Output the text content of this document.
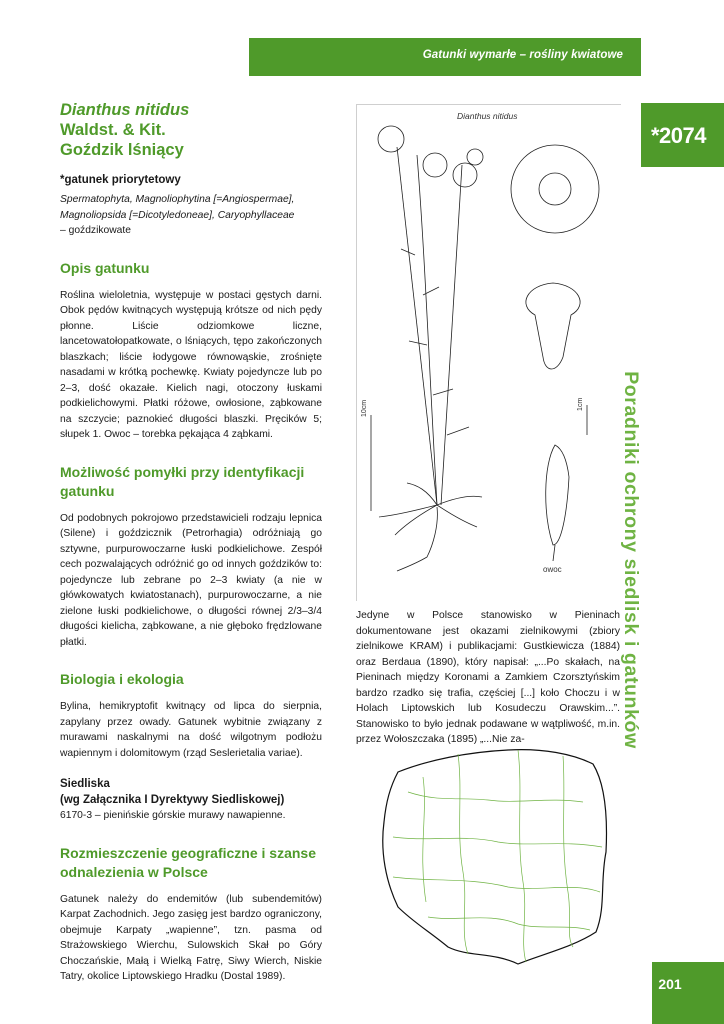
Gatunki wymarłe – rośliny kwiatowe
*2074
Poradniki ochrony siedlisk i gatunków
201
Dianthus nitidus
Waldst. & Kit.
Goździk lśniący
*gatunek priorytetowy
Spermatophyta, Magnoliophytina [=Angiospermae],
Magnoliopsida [=Dicotyledoneae], Caryophyllaceae
– goździkowate
Opis gatunku

Roślina wieloletnia, występuje w postaci gęstych darni. Obok pędów kwitnących występują krótsze od nich pędy płonne. Liście odziomkowe liczne, lancetowatołopatkowate, o lśniących, tępo zakończonych blaszkach; liście łodygowe równowąskie, zrośnięte nasadami w krótką pochewkę. Kwiaty pojedyncze lub po 2–3, dość okazałe. Kielich nagi, otoczony łuskami podkielichowymi. Płatki różowe, owłosione, ząbkowane na szczycie; paznokieć długości blaszki. Pręcików 5; słupek 1. Owoc – torebka pękająca 4 ząbkami.

Możliwość pomyłki przy identyfikacji gatunku

Od podobnych pokrojowo przedstawicieli rodzaju lepnica (Silene) i goździcznik (Petrorhagia) odróżniają go sztywne, purpurowoczarne łuski podkielichowe. Zespół cech pozwalających odróżnić go od innych goździków to: pojedyncze lub zebrane po 2–3 kwiaty (a nie w główkowatych kwiatostanach), purpurowoczarne, a nie zielone łuski podkielichowe, o długości równej 2/3–3/4 długości kielicha, ząbkowane, a nie głęboko frędzlowane płatki.

Biologia i ekologia

Bylina, hemikryptofit kwitnący od lipca do sierpnia, zapylany przez owady. Gatunek wybitnie związany z murawami naskalnymi na dość wilgotnym podłożu wapiennym i dolomitowym (rząd Seslerietalia variae).

Siedliska
(wg Załącznika I Dyrektywy Siedliskowej)

6170-3 – pienińskie górskie murawy nawapienne.

Rozmieszczenie geograficzne i szanse odnalezienia w Polsce

Gatunek należy do endemitów (lub subendemitów) Karpat Zachodnich. Jego zasięg jest bardzo ograniczony, obejmuje Karpaty „wapienne”, tzn. pasma od Strażowskiego Wierchu, Sulowskich Skał po Góry Choczańskie, Małą i Wielką Fatrę, Siwy Wierch, Niskie Tatry, okolice Liptowskiego Hradku (Dostal 1989).

Dianthus nitidus
10cm	1cm
owoc

Jedyne w Polsce stanowisko w Pieninach dokumentowane jest okazami zielnikowymi (zbiory zielnikowe KRAM) i publikacjami: Gustkiewicza (1884) oraz Berdaua (1890), który napisał: „...Po skałach, na Pieninach między Koronami a Zamkiem Czorsztyńskim bardzo rzadko się trafia, częściej [...] koło Choczu i w Holach Liptowskich lub Kosudeczu Orawskim...”. Stanowisko to było jednak podawane w wątpliwość, m.in. przez Wołoszczaka (1895) „...Nie za-
